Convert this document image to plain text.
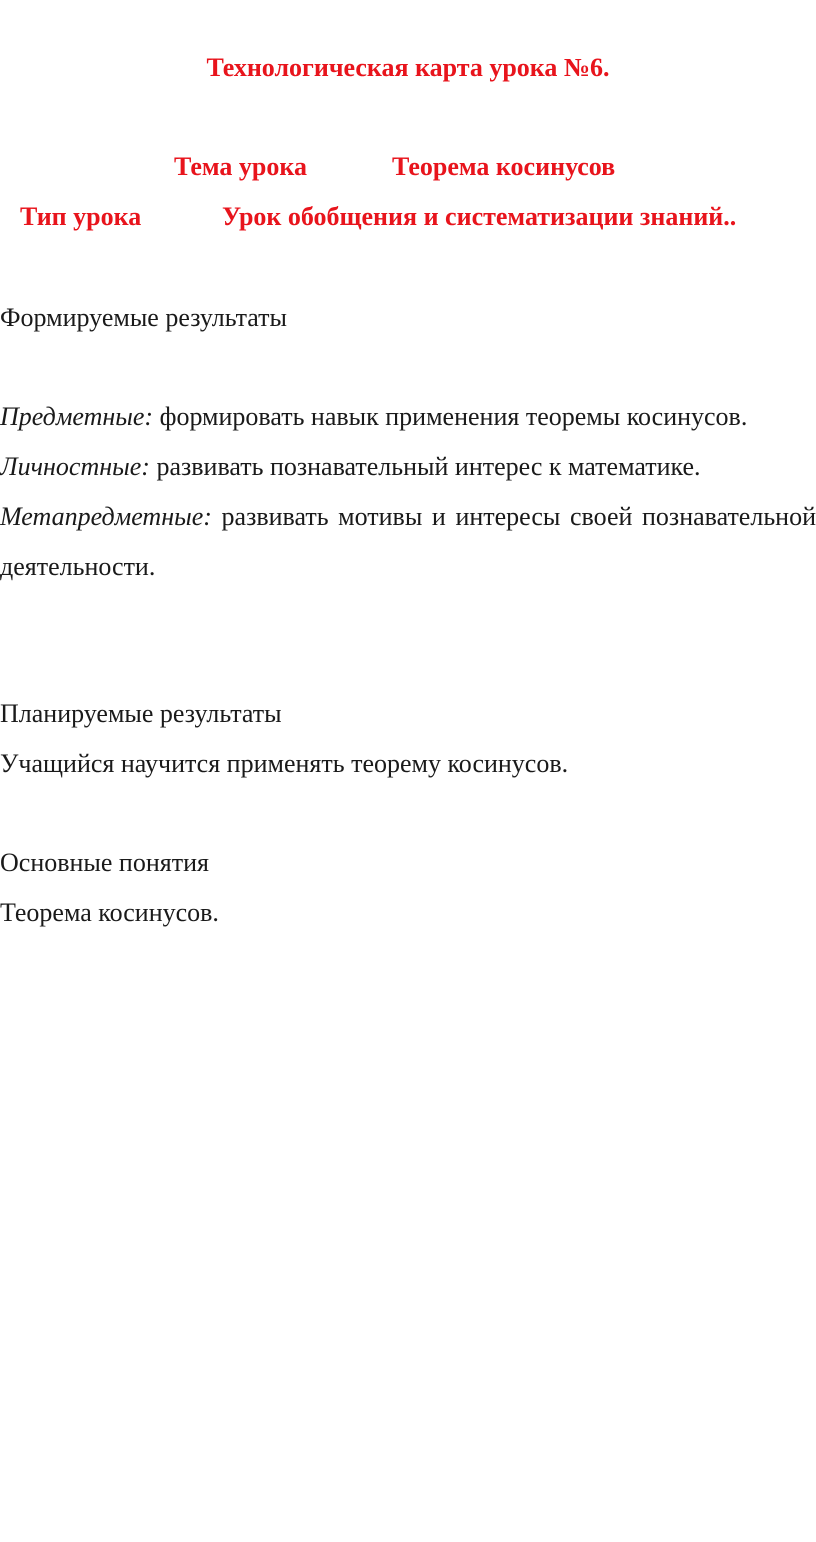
Технологическая карта урока №6.
Тема урока	Теорема косинусов
Тип урока	Урок обобщения и систематизации знаний..

Формируемые результаты

Предметные: формировать навык применения теоремы косинусов.
Личностные: развивать познавательный интерес к математике.
Метапредметные: развивать мотивы и интересы своей познавательной деятельности.

Планируемые результаты

Учащийся научится применять теорему косинусов.

Основные понятия

Теорема косинусов.
